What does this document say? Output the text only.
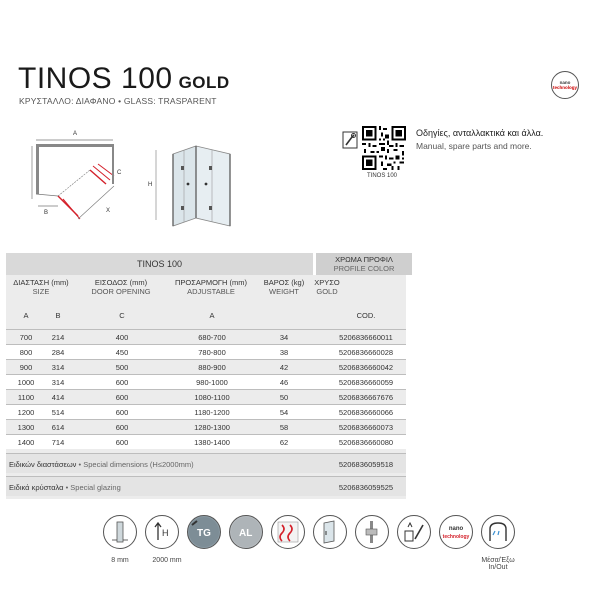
TINOS 100 GOLD
ΚΡΥΣΤΑΛΛΟ: ΔΙΑΦΑΝΟ • GLASS: TRASPARENT
nano
technology
A
B
C
X
H
TINOS 100
Οδηγίες, ανταλλακτικά και άλλα.
Manual, spare parts and more.
TINOS 100	ΧΡΩΜΑ ΠΡΟΦΙΛ
PROFILE COLOR
ΔΙΑΣΤΑΣΗ (mm)
SIZE
ΕΙΣΟΔΟΣ (mm)
DOOR OPENING
ΠΡΟΣΑΡΜΟΓΗ (mm)
ADJUSTABLE
ΒΑΡΟΣ (kg)
WEIGHT
ΧΡΥΣΟ
GOLD
A	B	C	A	COD.
700	214	400	680-700	34	5206836660011
800	284	450	780-800	38	5206836660028
900	314	500	880-900	42	5206836660042
1000	314	600	980-1000	46	5206836660059
1100	414	600	1080-1100	50	5206836667676
1200	514	600	1180-1200	54	5206836660066
1300	614	600	1280-1300	58	5206836660073
1400	714	600	1380-1400	62	5206836660080
Ειδικών διαστάσεων • Special dimensions (H≤2000mm)	5206836059518
Ειδικά κρύσταλα • Special glazing	5206836059525
H	TG	AL	nano
technology
8 mm	2000 mm	Μέσα/Έξω
In/Out
